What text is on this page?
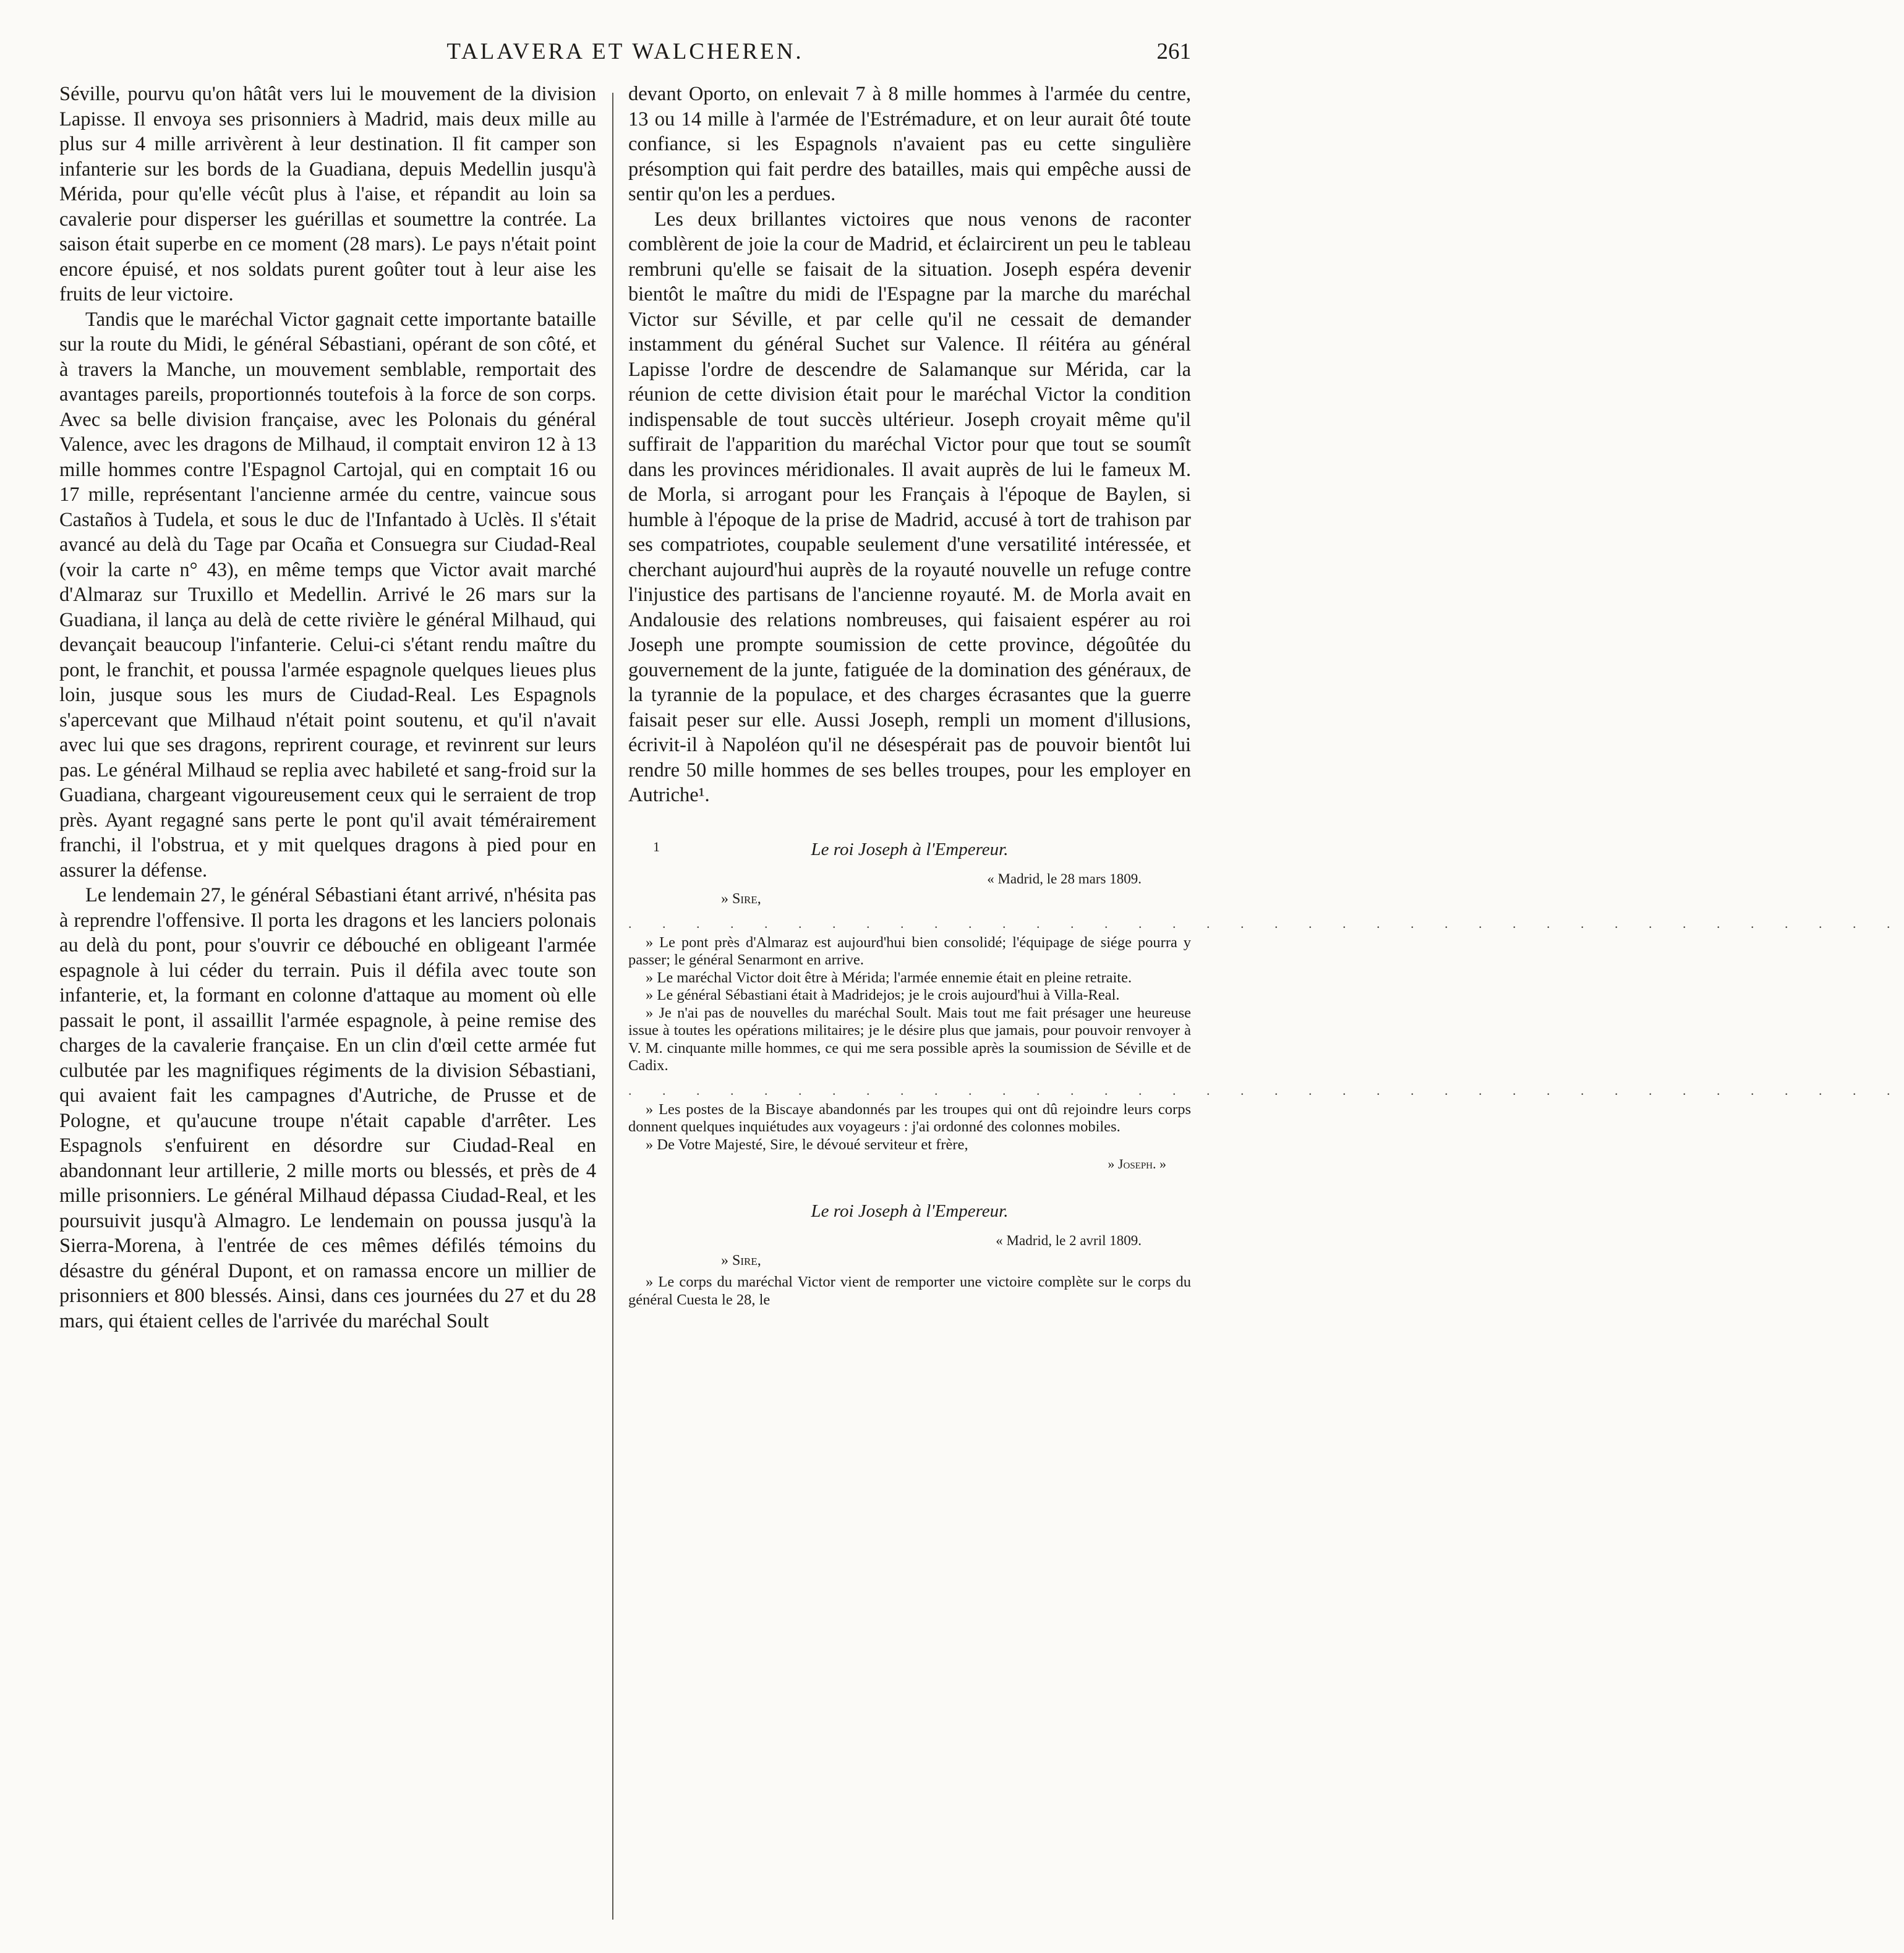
TALAVERA ET WALCHEREN.	261

Séville, pourvu qu'on hâtât vers lui le mouvement de la division Lapisse. Il envoya ses prisonniers à Madrid, mais deux mille au plus sur 4 mille arrivèrent à leur destination. Il fit camper son infanterie sur les bords de la Guadiana, depuis Medellin jusqu'à Mérida, pour qu'elle vécût plus à l'aise, et répandit au loin sa cavalerie pour disperser les guérillas et soumettre la contrée. La saison était superbe en ce moment (28 mars). Le pays n'était point encore épuisé, et nos soldats purent goûter tout à leur aise les fruits de leur victoire.

Tandis que le maréchal Victor gagnait cette importante bataille sur la route du Midi, le général Sébastiani, opérant de son côté, et à travers la Manche, un mouvement semblable, remportait des avantages pareils, proportionnés toutefois à la force de son corps. Avec sa belle division française, avec les Polonais du général Valence, avec les dragons de Milhaud, il comptait environ 12 à 13 mille hommes contre l'Espagnol Cartojal, qui en comptait 16 ou 17 mille, représentant l'ancienne armée du centre, vaincue sous Castaños à Tudela, et sous le duc de l'Infantado à Uclès. Il s'était avancé au delà du Tage par Ocaña et Consuegra sur Ciudad-Real (voir la carte n° 43), en même temps que Victor avait marché d'Almaraz sur Truxillo et Medellin. Arrivé le 26 mars sur la Guadiana, il lança au delà de cette rivière le général Milhaud, qui devançait beaucoup l'infanterie. Celui-ci s'étant rendu maître du pont, le franchit, et poussa l'armée espagnole quelques lieues plus loin, jusque sous les murs de Ciudad-Real. Les Espagnols s'apercevant que Milhaud n'était point soutenu, et qu'il n'avait avec lui que ses dragons, reprirent courage, et revinrent sur leurs pas. Le général Milhaud se replia avec habileté et sang-froid sur la Guadiana, chargeant vigoureusement ceux qui le serraient de trop près. Ayant regagné sans perte le pont qu'il avait témérairement franchi, il l'obstrua, et y mit quelques dragons à pied pour en assurer la défense.

Le lendemain 27, le général Sébastiani étant arrivé, n'hésita pas à reprendre l'offensive. Il porta les dragons et les lanciers polonais au delà du pont, pour s'ouvrir ce débouché en obligeant l'armée espagnole à lui céder du terrain. Puis il défila avec toute son infanterie, et, la formant en colonne d'attaque au moment où elle passait le pont, il assaillit l'armée espagnole, à peine remise des charges de la cavalerie française. En un clin d'œil cette armée fut culbutée par les magnifiques régiments de la division Sébastiani, qui avaient fait les campagnes d'Autriche, de Prusse et de Pologne, et qu'aucune troupe n'était capable d'arrêter. Les Espagnols s'enfuirent en désordre sur Ciudad-Real en abandonnant leur artillerie, 2 mille morts ou blessés, et près de 4 mille prisonniers. Le général Milhaud dépassa Ciudad-Real, et les poursuivit jusqu'à Almagro. Le lendemain on poussa jusqu'à la Sierra-Morena, à l'entrée de ces mêmes défilés témoins du désastre du général Dupont, et on ramassa encore un millier de prisonniers et 800 blessés. Ainsi, dans ces journées du 27 et du 28 mars, qui étaient celles de l'arrivée du maréchal Soult

devant Oporto, on enlevait 7 à 8 mille hommes à l'armée du centre, 13 ou 14 mille à l'armée de l'Estrémadure, et on leur aurait ôté toute confiance, si les Espagnols n'avaient pas eu cette singulière présomption qui fait perdre des batailles, mais qui empêche aussi de sentir qu'on les a perdues.

Les deux brillantes victoires que nous venons de raconter comblèrent de joie la cour de Madrid, et éclaircirent un peu le tableau rembruni qu'elle se faisait de la situation. Joseph espéra devenir bientôt le maître du midi de l'Espagne par la marche du maréchal Victor sur Séville, et par celle qu'il ne cessait de demander instamment du général Suchet sur Valence. Il réitéra au général Lapisse l'ordre de descendre de Salamanque sur Mérida, car la réunion de cette division était pour le maréchal Victor la condition indispensable de tout succès ultérieur. Joseph croyait même qu'il suffirait de l'apparition du maréchal Victor pour que tout se soumît dans les provinces méridionales. Il avait auprès de lui le fameux M. de Morla, si arrogant pour les Français à l'époque de Baylen, si humble à l'époque de la prise de Madrid, accusé à tort de trahison par ses compatriotes, coupable seulement d'une versatilité intéressée, et cherchant aujourd'hui auprès de la royauté nouvelle un refuge contre l'injustice des partisans de l'ancienne royauté. M. de Morla avait en Andalousie des relations nombreuses, qui faisaient espérer au roi Joseph une prompte soumission de cette province, dégoûtée du gouvernement de la junte, fatiguée de la domination des généraux, de la tyrannie de la populace, et des charges écrasantes que la guerre faisait peser sur elle. Aussi Joseph, rempli un moment d'illusions, écrivit-il à Napoléon qu'il ne désespérait pas de pouvoir bientôt lui rendre 50 mille hommes de ses belles troupes, pour les employer en Autriche¹.

1	Le roi Joseph à l'Empereur.
« Madrid, le 28 mars 1809.
» Sire,
. . . . . . . . . . . . . . . . . . . . . . . . . . . . . . . . . . . . . .

» Le pont près d'Almaraz est aujourd'hui bien consolidé; l'équipage de siége pourra y passer; le général Senarmont en arrive.

» Le maréchal Victor doit être à Mérida; l'armée ennemie était en pleine retraite.

» Le général Sébastiani était à Madridejos; je le crois aujourd'hui à Villa-Real.

» Je n'ai pas de nouvelles du maréchal Soult. Mais tout me fait présager une heureuse issue à toutes les opérations militaires; je le désire plus que jamais, pour pouvoir renvoyer à V. M. cinquante mille hommes, ce qui me sera possible après la soumission de Séville et de Cadix.

. . . . . . . . . . . . . . . . . . . . . . . . . . . . . . . . . . . . . .

» Les postes de la Biscaye abandonnés par les troupes qui ont dû rejoindre leurs corps donnent quelques inquiétudes aux voyageurs : j'ai ordonné des colonnes mobiles.

» De Votre Majesté, Sire, le dévoué serviteur et frère,

» Joseph. »
Le roi Joseph à l'Empereur.
« Madrid, le 2 avril 1809.
» Sire,

» Le corps du maréchal Victor vient de remporter une victoire complète sur le corps du général Cuesta le 28, le
